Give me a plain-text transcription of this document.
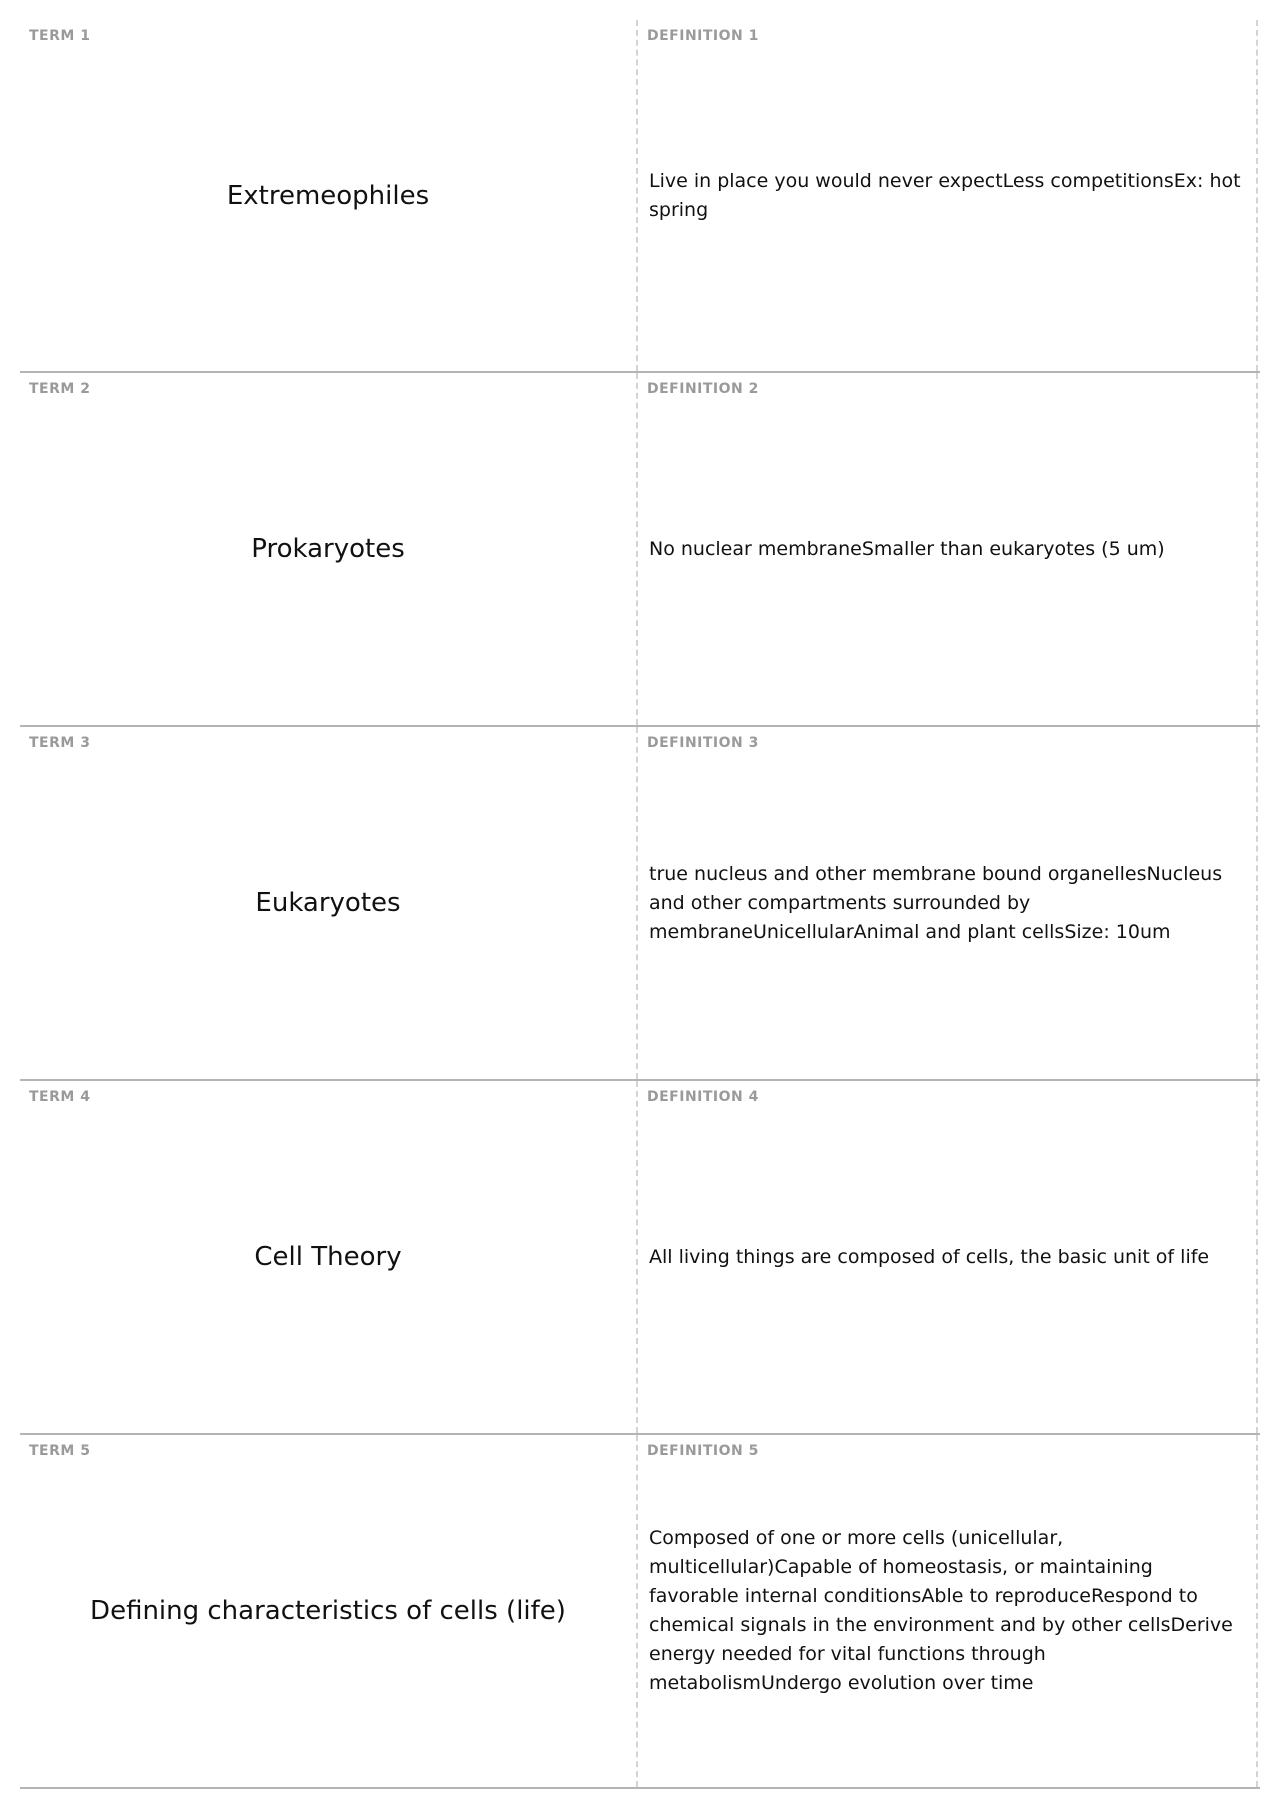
TERM 1
Extremeophiles
DEFINITION 1
Live in place you would never expectLess competitionsEx: hot spring
TERM 2
Prokaryotes
DEFINITION 2
No nuclear membraneSmaller than eukaryotes (5 um)
TERM 3
Eukaryotes
DEFINITION 3
true nucleus and other membrane bound organellesNucleus and other compartments surrounded by membraneUnicellularAnimal and plant cellsSize: 10um
TERM 4
Cell Theory
DEFINITION 4
All living things are composed of cells, the basic unit of life
TERM 5
Defining characteristics of cells (life)
DEFINITION 5
Composed of one or more cells (unicellular, multicellular)Capable of homeostasis, or maintaining favorable internal conditionsAble to reproduceRespond to chemical signals in the environment and by other cellsDerive energy needed for vital functions through metabolismUndergo evolution over time
